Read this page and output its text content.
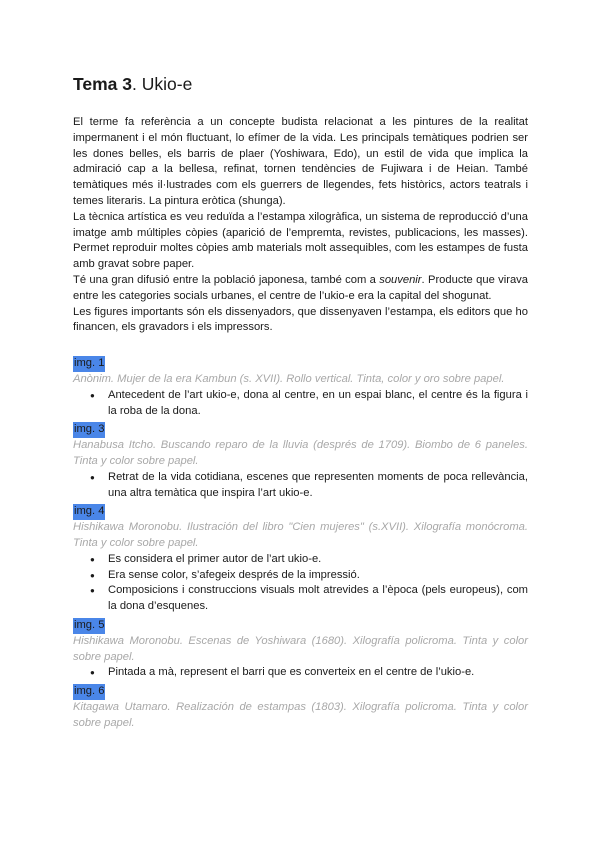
Tema 3. Ukio-e

El terme fa referència a un concepte budista relacionat a les pintures de la realitat impermanent i el món fluctuant, lo efímer de la vida. Les principals temàtiques podrien ser les dones belles, els barris de plaer (Yoshiwara, Edo), un estil de vida que implica la admiració cap a la bellesa, refinat, tornen tendències de Fujiwara i de Heian. També temàtiques més il·lustrades com els guerrers de llegendes, fets històrics, actors teatrals i temes literaris. La pintura eròtica (shunga).

La tècnica artística es veu reduïda a l’estampa xilogràfica, un sistema de reproducció d’una imatge amb múltiples còpies (aparició de l’empremta, revistes, publicacions, les masses). Permet reproduir moltes còpies amb materials molt assequibles, com les estampes de fusta amb gravat sobre paper.

Té una gran difusió entre la població japonesa, també com a souvenir. Producte que virava entre les categories socials urbanes, el centre de l’ukio-e era la capital del shogunat.

Les figures importants són els dissenyadors, que dissenyaven l’estampa, els editors que ho financen, els gravadors i els impressors.

img. 1

Anònim. Mujer de la era Kambun (s. XVII). Rollo vertical. Tinta, color y oro sobre papel.

● Antecedent de l’art ukio-e, dona al centre, en un espai blanc, el centre és la figura i la roba de la dona.
img. 3

Hanabusa Itcho. Buscando reparo de la lluvia (després de 1709). Biombo de 6 paneles. Tinta y color sobre papel.

● Retrat de la vida cotidiana, escenes que representen moments de poca rellevància, una altra temàtica que inspira l’art ukio-e.
img. 4

Hishikawa Moronobu. Ilustración del libro "Cien mujeres" (s.XVII). Xilografía monócroma. Tinta y color sobre papel.

● Es considera el primer autor de l’art ukio-e.
● Era sense color, s’afegeix després de la impressió.
● Composicions i construccions visuals molt atrevides a l’època (pels europeus), com la dona d’esquenes.
img. 5

Hishikawa Moronobu. Escenas de Yoshiwara (1680). Xilografía policroma. Tinta y color sobre papel.

● Pintada a mà, represent el barri que es converteix en el centre de l’ukio-e.
img. 6

Kitagawa Utamaro. Realización de estampas (1803). Xilografía policroma. Tinta y color sobre papel.
